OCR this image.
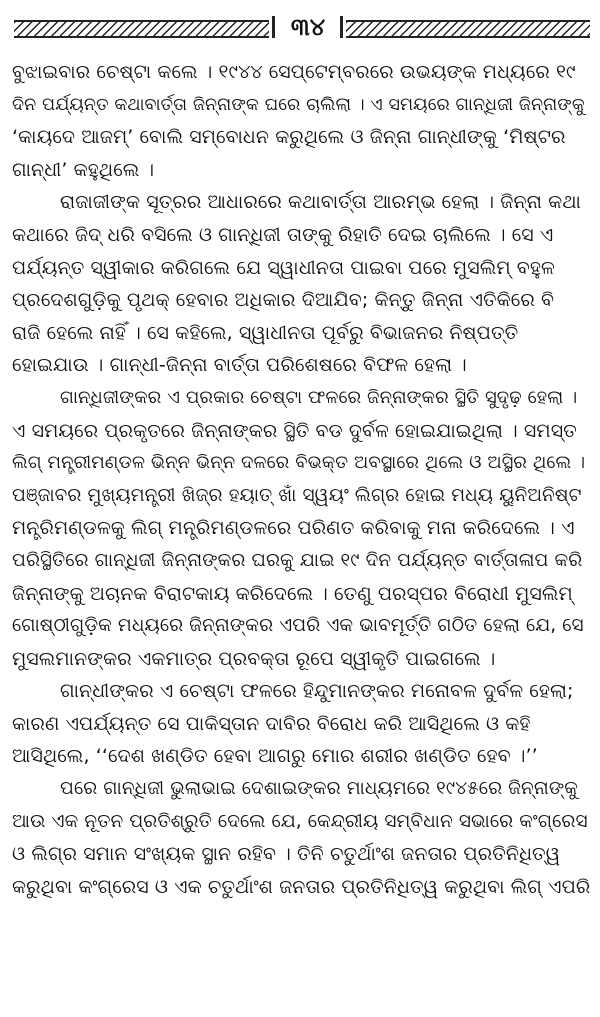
୩୪
ବୁଝାଇବାର ଚେଷ୍ଟା କଲେ । ୧୯୪୪ ସେପ୍ଟେମ୍ବରରେ ଉଭୟଙ୍କ ମଧ୍ୟରେ ୧୯
ଦିନ ପର୍ଯ୍ୟନ୍ତ କଥାବାର୍ତ୍ତା ଜିନ୍ନାଙ୍କ ଘରେ ଚାଲିଲା । ଏ ସମୟରେ ଗାନ୍ଧିଜୀ ଜିନ୍ନାଙ୍କୁ
‘କାୟଦେ ଆଜମ୍’ ବୋଲି ସମ୍ବୋଧନ କରୁଥିଲେ ଓ ଜିନ୍ନା ଗାନ୍ଧୀଙ୍କୁ ‘ମିଷ୍ଟର
ଗାନ୍ଧୀ’ କହୁଥିଲେ ।
ରାଜାଜୀଙ୍କ ସୂତ୍ରର ଆଧାରରେ କଥାବାର୍ତ୍ତା ଆରମ୍ଭ ହେଲା । ଜିନ୍ନା କଥା
କଥାରେ ଜିଦ୍ ଧରି ବସିଲେ ଓ ଗାନ୍ଧିଜୀ ତାଙ୍କୁ ରିହାତି ଦେଇ ଚାଲିଲେ । ସେ ଏ
ପର୍ଯ୍ୟନ୍ତ ସ୍ୱୀକାର କରିଗଲେ ଯେ ସ୍ୱାଧୀନତା ପାଇବା ପରେ ମୁସଲିମ୍ ବହୁଳ
ପ୍ରଦେଶଗୁଡ଼ିକୁ ପୃଥକ୍ ହେବାର ଅଧିକାର ଦିଆଯିବ; କିନ୍ତୁ ଜିନ୍ନା ଏତିକିରେ ବି
ରାଜି ହେଲେ ନାହିଁ । ସେ କହିଲେ, ସ୍ୱାଧୀନତା ପୂର୍ବରୁ ବିଭାଜନର ନିଷ୍ପତ୍ତି
ହୋଇଯାଉ । ଗାନ୍ଧୀ-ଜିନ୍ନା ବାର୍ତ୍ତା ପରିଶେଷରେ ବିଫଳ ହେଲା ।
ଗାନ୍ଧିଜୀଙ୍କର ଏ ପ୍ରକାର ଚେଷ୍ଟା ଫଳରେ ଜିନ୍ନାଙ୍କର ସ୍ଥିତି ସୁଦୃଢ଼ ହେଲା ।
ଏ ସମୟରେ ପ୍ରକୃତରେ ଜିନ୍ନାଙ୍କର ସ୍ଥିତି ବଡ ଦୁର୍ବଳ ହୋଇଯାଇଥିଲା । ସମସ୍ତ
ଲିଗ୍ ମନ୍ତ୍ରୀମଣ୍ଡଳ ଭିନ୍ନ ଭିନ୍ନ ଦଳରେ ବିଭକ୍ତ ଅବସ୍ଥାରେ ଥିଲେ ଓ ଅସ୍ଥିର ଥିଲେ ।
ପଞ୍ଜାବର ମୁଖ୍ୟମନ୍ତ୍ରୀ ଖିଜ୍ର ହୟାତ୍ ଖାଁ ସ୍ୱୟଂ ଲିଗ୍‌ର ହୋଇ ମଧ୍ୟ ୟୁନିଅନିଷ୍ଟ
ମନ୍ତ୍ରିମଣ୍ଡଳକୁ ଲିଗ୍ ମନ୍ତ୍ରିମଣ୍ଡଳରେ ପରିଣତ କରିବାକୁ ମନା କରିଦେଲେ । ଏ
ପରିସ୍ଥିତିରେ ଗାନ୍ଧିଜୀ ଜିନ୍ନାଙ୍କର ଘରକୁ ଯାଇ ୧୯ ଦିନ ପର୍ଯ୍ୟନ୍ତ ବାର୍ତ୍ତାଳାପ କରି
ଜିନ୍ନାଙ୍କୁ ଅଚାନକ ବିରାଟକାୟ କରିଦେଲେ । ତେଣୁ ପରସ୍ପର ବିରୋଧୀ ମୁସଲିମ୍
ଗୋଷ୍ଠୀଗୁଡ଼ିକ ମଧ୍ୟରେ ଜିନ୍ନାଙ୍କର ଏପରି ଏକ ଭାବମୂର୍ତ୍ତି ଗଠିତ ହେଲା ଯେ, ସେ
ମୁସଲମାନଙ୍କର ଏକମାତ୍ର ପ୍ରବକ୍ତା ରୂପେ ସ୍ୱୀକୃତି ପାଇଗଲେ ।
ଗାନ୍ଧୀଙ୍କର ଏ ଚେଷ୍ଟା ଫଳରେ ହିନ୍ଦୁମାନଙ୍କର ମନୋବଳ ଦୁର୍ବଳ ହେଲା;
କାରଣ ଏପର୍ଯ୍ୟନ୍ତ ସେ ପାକିସ୍ତାନ ଦାବିର ବିରୋଧ କରି ଆସିଥିଲେ ଓ କହି
ଆସିଥିଲେ, ‘‘ଦେଶ ଖଣ୍ଡିତ ହେବା ଆଗରୁ ମୋର ଶରୀର ଖଣ୍ଡିତ ହେବ ।’’
ପରେ ଗାନ୍ଧିଜୀ ଭୁଲାଭାଇ ଦେଶାଇଙ୍କର ମାଧ୍ୟମରେ ୧୯୪୫ରେ ଜିନ୍ନାଙ୍କୁ
ଆଉ ଏକ ନୂତନ ପ୍ରତିଶ୍ରୁତି ଦେଲେ ଯେ, କେନ୍ଦ୍ରୀୟ ସମ୍ବିଧାନ ସଭାରେ କଂଗ୍ରେସ
ଓ ଲିଗ୍‌ର ସମାନ ସଂଖ୍ୟକ ସ୍ଥାନ ରହିବ । ତିନି ଚତୁର୍ଥାଂଶ ଜନତାର ପ୍ରତିନିଧିତ୍ୱ
କରୁଥିବା କଂଗ୍ରେସ ଓ ଏକ ଚତୁର୍ଥାଂଶ ଜନତାର ପ୍ରତିନିଧିତ୍ୱ କରୁଥିବା ଲିଗ୍ ଏପରି
